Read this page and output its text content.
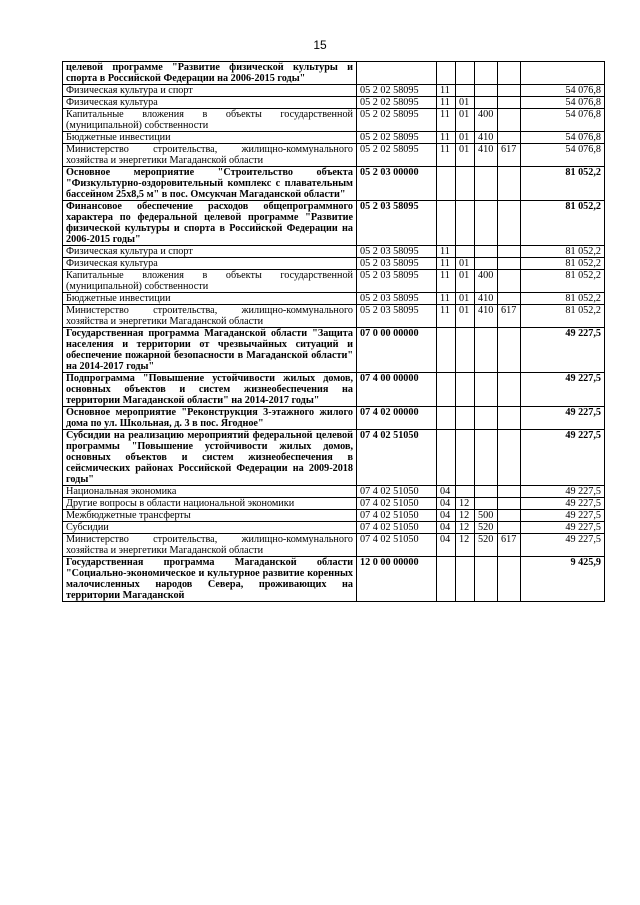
15
целевой программе "Развитие физической культуры и спорта в Российской Федерации на 2006-2015 годы"						
Физическая культура и спорт	05 2 02 58095	11				54 076,8
Физическая культура	05 2 02 58095	11	01			54 076,8
Капитальные вложения в объекты государственной (муниципальной) собственности	05 2 02 58095	11	01	400		54 076,8
Бюджетные инвестиции	05 2 02 58095	11	01	410		54 076,8
Министерство строительства, жилищно-коммунального хозяйства и энергетики Магаданской области	05 2 02 58095	11	01	410	617	54 076,8
Основное мероприятие "Строительство объекта "Физкультурно-оздоровительный комплекс с плавательным бассейном 25х8,5 м" в пос. Омсукчан Магаданской области"	05 2 03 00000					81 052,2
Финансовое обеспечение расходов общепрограммного характера по федеральной целевой программе "Развитие физической культуры и спорта в Российской Федерации на 2006-2015 годы"	05 2 03 58095					81 052,2
Физическая культура и спорт	05 2 03 58095	11				81 052,2
Физическая культура	05 2 03 58095	11	01			81 052,2
Капитальные вложения в объекты государственной (муниципальной) собственности	05 2 03 58095	11	01	400		81 052,2
Бюджетные инвестиции	05 2 03 58095	11	01	410		81 052,2
Министерство строительства, жилищно-коммунального хозяйства и энергетики Магаданской области	05 2 03 58095	11	01	410	617	81 052,2
Государственная программа Магаданской области "Защита населения и территории от чрезвычайных ситуаций и обеспечение пожарной безопасности в Магаданской области" на 2014-2017 годы"	07 0 00 00000					49 227,5
Подпрограмма "Повышение устойчивости жилых домов, основных объектов и систем жизнеобеспечения на территории Магаданской области" на 2014-2017 годы"	07 4 00 00000					49 227,5
Основное мероприятие "Реконструкция 3-этажного жилого дома по ул. Школьная, д. 3 в пос. Ягодное"	07 4 02 00000					49 227,5
Субсидии на реализацию мероприятий федеральной целевой программы "Повышение устойчивости жилых домов, основных объектов и систем жизнеобеспечения в сейсмических районах Российской Федерации на 2009-2018 годы"	07 4 02 51050					49 227,5
Национальная экономика	07 4 02 51050	04				49 227,5
Другие вопросы в области национальной экономики	07 4 02 51050	04	12			49 227,5
Межбюджетные трансферты	07 4 02 51050	04	12	500		49 227,5
Субсидии	07 4 02 51050	04	12	520		49 227,5
Министерство строительства, жилищно-коммунального хозяйства и энергетики Магаданской области	07 4 02 51050	04	12	520	617	49 227,5
Государственная программа Магаданской области "Социально-экономическое и культурное развитие коренных малочисленных народов Севера, проживающих на территории Магаданской	12 0 00 00000					9 425,9
